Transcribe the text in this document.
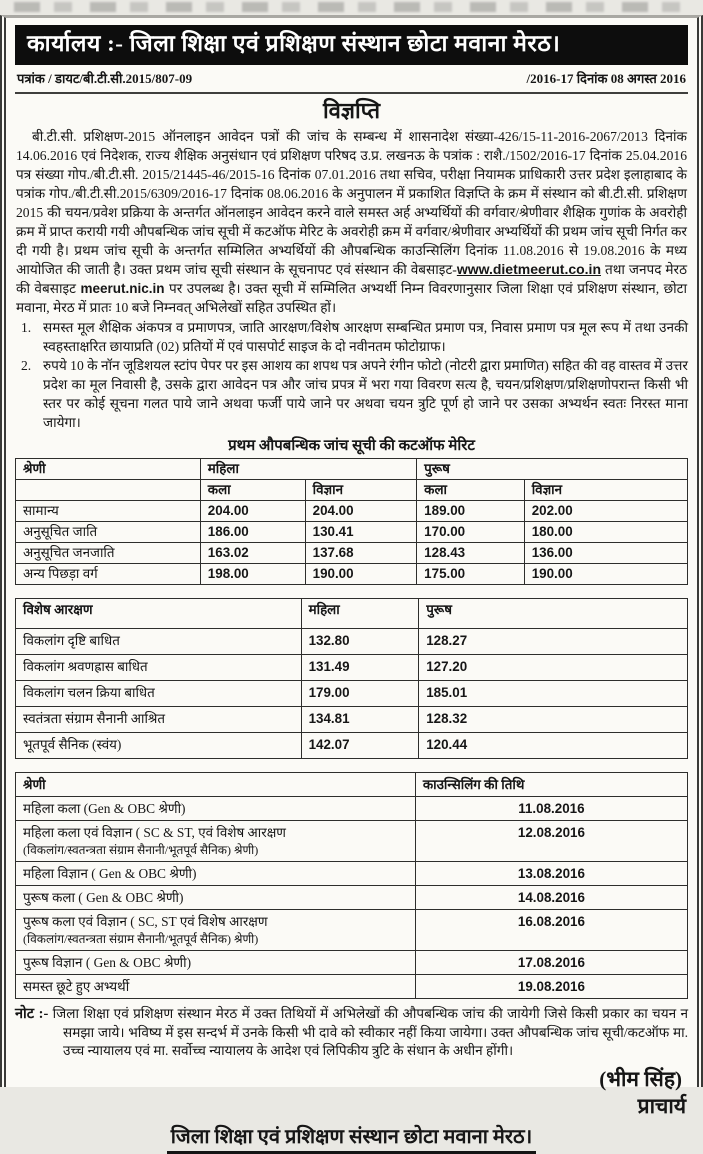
कार्यालय :- जिला शिक्षा एवं प्रशिक्षण संस्थान छोटा मवाना मेरठ।
पत्रांक / डायट/बी.टी.सी.2015/807-09	/2016-17 दिनांक 08 अगस्त 2016
विज्ञप्ति
बी.टी.सी. प्रशिक्षण-2015 ऑनलाइन आवेदन पत्रों की जांच के सम्बन्ध में शासनादेश संख्या-426/15-11-2016-2067/2013 दिनांक 14.06.2016 एवं निदेशक, राज्य शैक्षिक अनुसंधान एवं प्रशिक्षण परिषद उ.प्र. लखनऊ के पत्रांक : राशै./1502/2016-17 दिनांक 25.04.2016 पत्र संख्या गोप./बी.टी.सी. 2015/21445-46/2015-16 दिनांक 07.01.2016 तथा सचिव, परीक्षा नियामक प्राधिकारी उत्तर प्रदेश इलाहाबाद के पत्रांक गोप./बी.टी.सी.2015/6309/2016-17 दिनांक 08.06.2016 के अनुपालन में प्रकाशित विज्ञप्ति के क्रम में संस्थान को बी.टी.सी. प्रशिक्षण 2015 की चयन/प्रवेश प्रक्रिया के अन्तर्गत ऑनलाइन आवेदन करने वाले समस्त अर्ह अभ्यर्थियों की वर्गवार/श्रेणीवार शैक्षिक गुणांक के अवरोही क्रम में प्राप्त करायी गयी औपबन्धिक जांच सूची में कटऑफ मेरिट के अवरोही क्रम में वर्गवार/श्रेणीवार अभ्यर्थियों की प्रथम जांच सूची निर्गत कर दी गयी है। प्रथम जांच सूची के अन्तर्गत सम्मिलित अभ्यर्थियों की औपबन्धिक काउन्सिलिंग दिनांक 11.08.2016 से 19.08.2016 के मध्य आयोजित की जाती है। उक्त प्रथम जांच सूची संस्थान के सूचनापट एवं संस्थान की वेबसाइट-www.dietmeerut.co.in तथा जनपद मेरठ की वेबसाइट meerut.nic.in पर उपलब्ध है। उक्त सूची में सम्मिलित अभ्यर्थी निम्न विवरणानुसार जिला शिक्षा एवं प्रशिक्षण संस्थान, छोटा मवाना, मेरठ में प्रातः 10 बजे निम्नवत् अभिलेखों सहित उपस्थित हों।
1. समस्त मूल शैक्षिक अंकपत्र व प्रमाणपत्र, जाति आरक्षण/विशेष आरक्षण सम्बन्धित प्रमाण पत्र, निवास प्रमाण पत्र मूल रूप में तथा उनकी स्वहस्ताक्षरित छायाप्रति (02) प्रतियों में एवं पासपोर्ट साइज के दो नवीनतम फोटोग्राफ।
2. रुपये 10 के नॉन जूडिशयल स्टांप पेपर पर इस आशय का शपथ पत्र अपने रंगीन फोटो (नोटरी द्वारा प्रमाणित) सहित की वह वास्तव में उत्तर प्रदेश का मूल निवासी है, उसके द्वारा आवेदन पत्र और जांच प्रपत्र में भरा गया विवरण सत्य है, चयन/प्रशिक्षण/प्रशिक्षणोपरान्त किसी भी स्तर पर कोई सूचना गलत पाये जाने अथवा फर्जी पाये जाने पर अथवा चयन त्रुटि पूर्ण हो जाने पर उसका अभ्यर्थन स्वतः निरस्त माना जायेगा।
प्रथम औपबन्धिक जांच सूची की कटऑफ मेरिट
श्रेणी	महिला		पुरूष	
	कला	विज्ञान	कला	विज्ञान
सामान्य	204.00	204.00	189.00	202.00
अनुसूचित जाति	186.00	130.41	170.00	180.00
अनुसूचित जनजाति	163.02	137.68	128.43	136.00
अन्य पिछड़ा वर्ग	198.00	190.00	175.00	190.00
विशेष आरक्षण	महिला	पुरूष
विकलांग दृष्टि बाधित	132.80	128.27
विकलांग श्रवणह्रास बाधित	131.49	127.20
विकलांग चलन क्रिया बाधित	179.00	185.01
स्वतंत्रता संग्राम सैनानी आश्रित	134.81	128.32
भूतपूर्व सैनिक (स्वंय)	142.07	120.44
श्रेणी	काउन्सिलिंग की तिथि

महिला कला (Gen & OBC श्रेणी)	11.08.2016

महिला कला एवं विज्ञान ( SC & ST, एवं विशेष आरक्षण
(विकलांग/स्वतन्त्रता संग्राम सैनानी/भूतपूर्व सैनिक) श्रेणी)	12.08.2016

महिला विज्ञान ( Gen & OBC श्रेणी)	13.08.2016

पुरूष कला ( Gen & OBC श्रेणी)	14.08.2016

पुरूष कला एवं विज्ञान ( SC, ST एवं विशेष आरक्षण
(विकलांग/स्वतन्त्रता संग्राम सैनानी/भूतपूर्व सैनिक) श्रेणी)	16.08.2016

पुरूष विज्ञान ( Gen & OBC श्रेणी)	17.08.2016

समस्त छूटे हुए अभ्यर्थी	19.08.2016
नोट :- जिला शिक्षा एवं प्रशिक्षण संस्थान मेरठ में उक्त तिथियों में अभिलेखों की औपबन्धिक जांच की जायेगी जिसे किसी प्रकार का चयन न समझा जाये। भविष्य में इस सन्दर्भ में उनके किसी भी दावे को स्वीकार नहीं किया जायेगा। उक्त औपबन्धिक जांच सूची/कटऑफ मा. उच्च न्यायालय एवं मा. सर्वोच्च न्यायालय के आदेश एवं लिपिकीय त्रुटि के संधान के अधीन होंगी।
(भीम सिंह)
प्राचार्य
जिला शिक्षा एवं प्रशिक्षण संस्थान छोटा मवाना मेरठ।
